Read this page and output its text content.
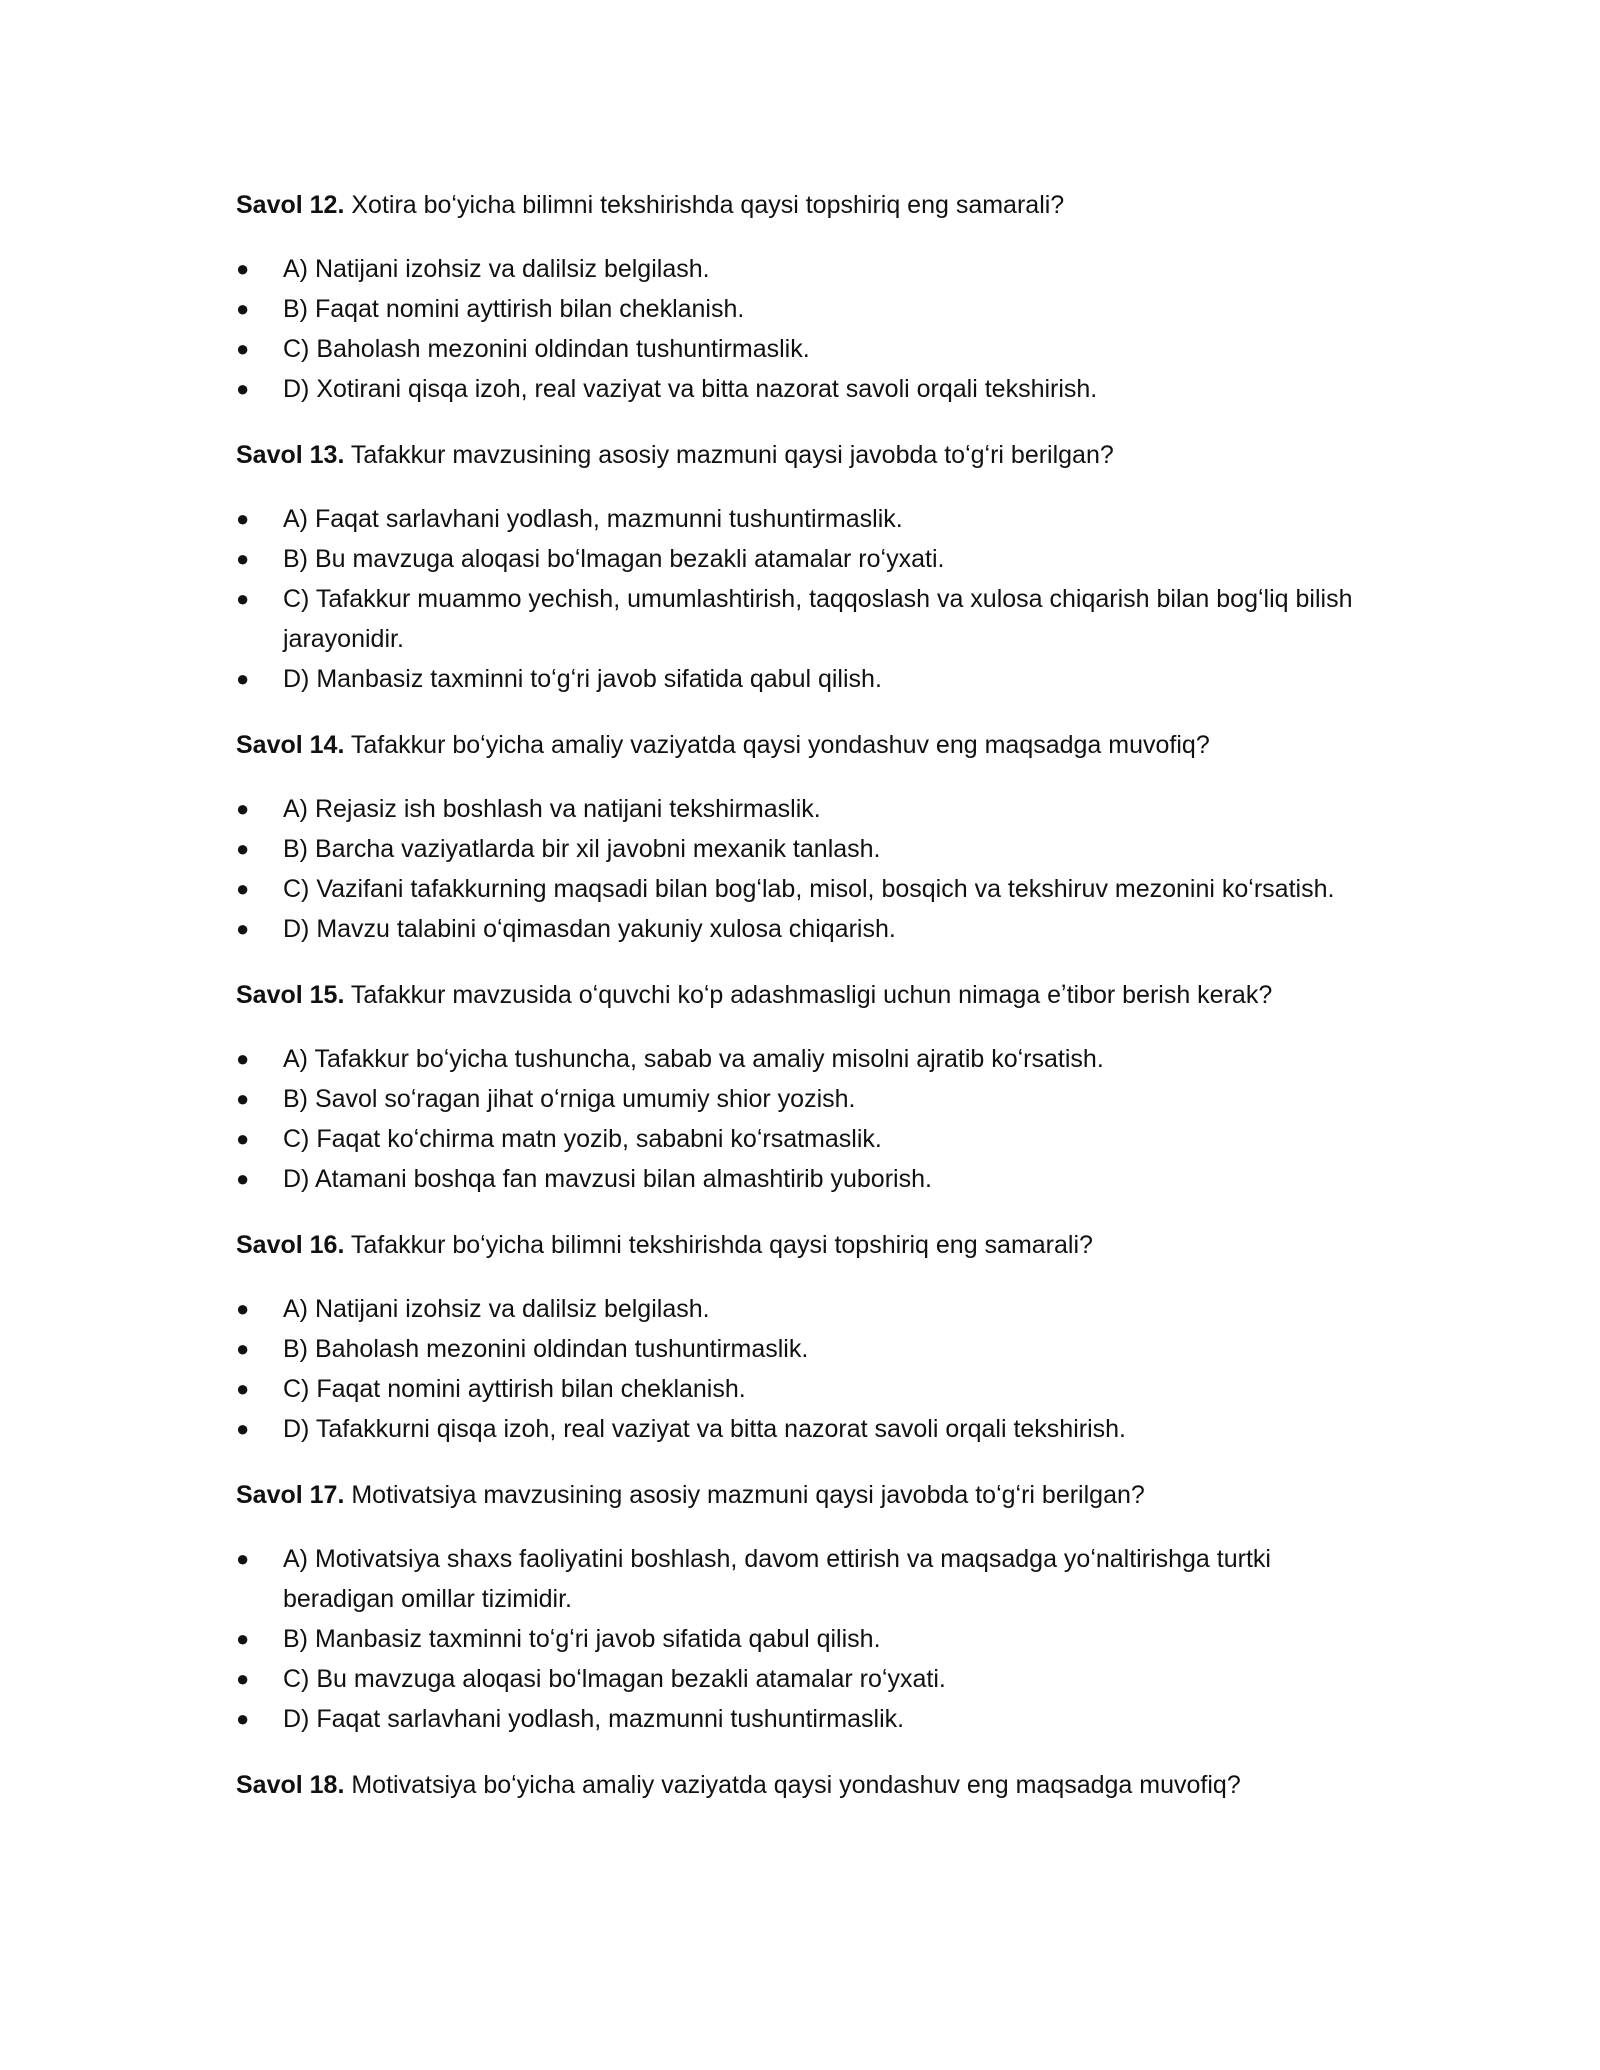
Savol 12. Xotira boʻyicha bilimni tekshirishda qaysi topshiriq eng samarali?

● A) Natijani izohsiz va dalilsiz belgilash.
● B) Faqat nomini ayttirish bilan cheklanish.
● C) Baholash mezonini oldindan tushuntirmaslik.
● D) Xotirani qisqa izoh, real vaziyat va bitta nazorat savoli orqali tekshirish.

Savol 13. Tafakkur mavzusining asosiy mazmuni qaysi javobda toʻgʻri berilgan?

● A) Faqat sarlavhani yodlash, mazmunni tushuntirmaslik.
● B) Bu mavzuga aloqasi boʻlmagan bezakli atamalar roʻyxati.
● C) Tafakkur muammo yechish, umumlashtirish, taqqoslash va xulosa chiqarish bilan bogʻliq bilish jarayonidir.
● D) Manbasiz taxminni toʻgʻri javob sifatida qabul qilish.

Savol 14. Tafakkur boʻyicha amaliy vaziyatda qaysi yondashuv eng maqsadga muvofiq?

● A) Rejasiz ish boshlash va natijani tekshirmaslik.
● B) Barcha vaziyatlarda bir xil javobni mexanik tanlash.
● C) Vazifani tafakkurning maqsadi bilan bogʻlab, misol, bosqich va tekshiruv mezonini koʻrsatish.
● D) Mavzu talabini oʻqimasdan yakuniy xulosa chiqarish.

Savol 15. Tafakkur mavzusida oʻquvchi koʻp adashmasligi uchun nimaga eʼtibor berish kerak?

● A) Tafakkur boʻyicha tushuncha, sabab va amaliy misolni ajratib koʻrsatish.
● B) Savol soʻragan jihat oʻrniga umumiy shior yozish.
● C) Faqat koʻchirma matn yozib, sababni koʻrsatmaslik.
● D) Atamani boshqa fan mavzusi bilan almashtirib yuborish.

Savol 16. Tafakkur boʻyicha bilimni tekshirishda qaysi topshiriq eng samarali?

● A) Natijani izohsiz va dalilsiz belgilash.
● B) Baholash mezonini oldindan tushuntirmaslik.
● C) Faqat nomini ayttirish bilan cheklanish.
● D) Tafakkurni qisqa izoh, real vaziyat va bitta nazorat savoli orqali tekshirish.

Savol 17. Motivatsiya mavzusining asosiy mazmuni qaysi javobda toʻgʻri berilgan?

● A) Motivatsiya shaxs faoliyatini boshlash, davom ettirish va maqsadga yoʻnaltirishga turtki beradigan omillar tizimidir.
● B) Manbasiz taxminni toʻgʻri javob sifatida qabul qilish.
● C) Bu mavzuga aloqasi boʻlmagan bezakli atamalar roʻyxati.
● D) Faqat sarlavhani yodlash, mazmunni tushuntirmaslik.

Savol 18. Motivatsiya boʻyicha amaliy vaziyatda qaysi yondashuv eng maqsadga muvofiq?
